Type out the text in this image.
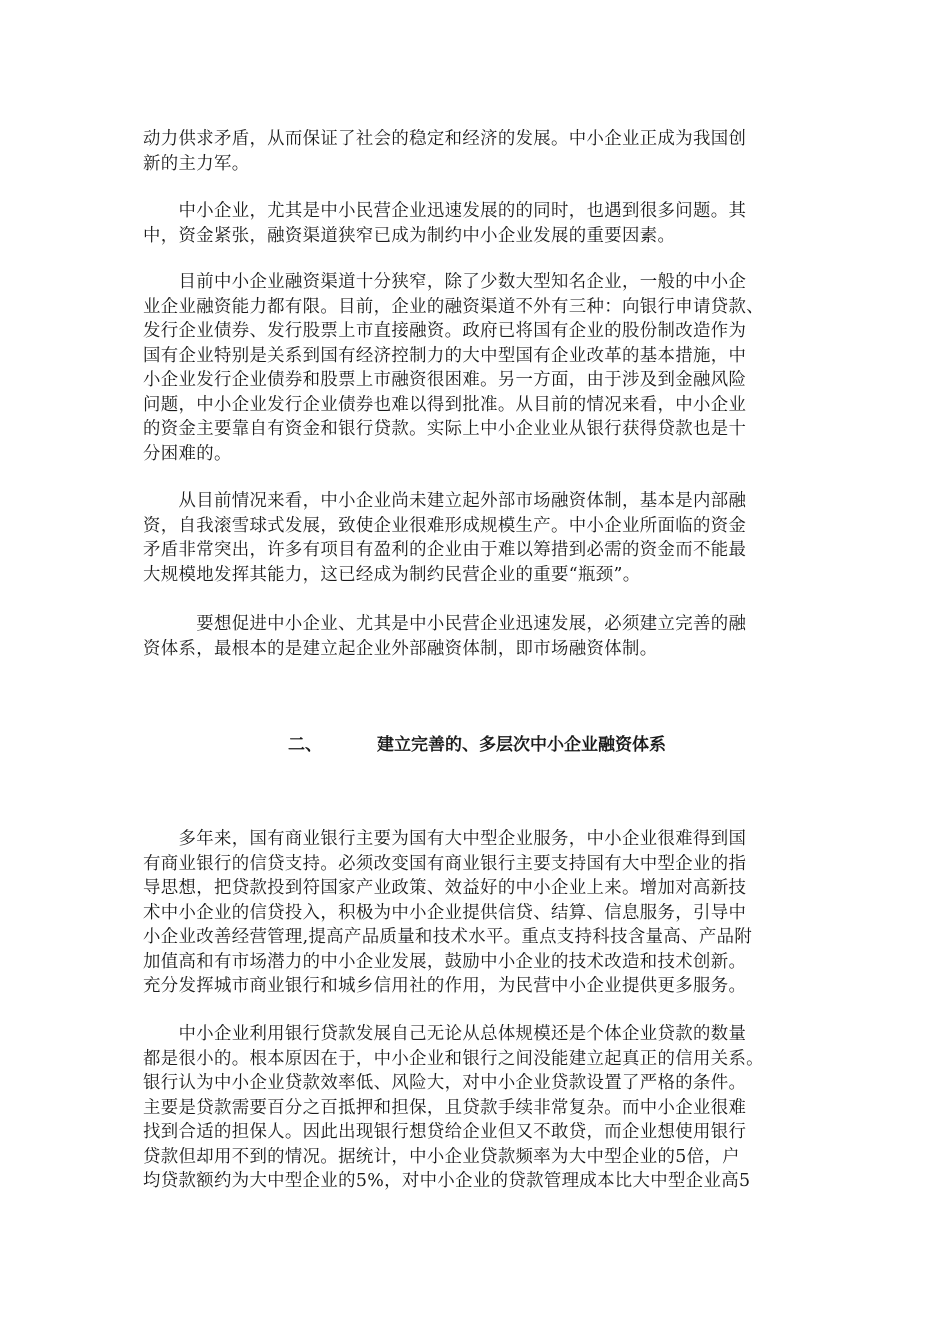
动力供求矛盾，从而保证了社会的稳定和经济的发展。中小企业正成为我国创
新的主力军。

　　中小企业，尤其是中小民营企业迅速发展的的同时，也遇到很多问题。其
中，资金紧张，融资渠道狭窄已成为制约中小企业发展的重要因素。

　　目前中小企业融资渠道十分狭窄，除了少数大型知名企业，一般的中小企
业企业融资能力都有限。目前，企业的融资渠道不外有三种：向银行申请贷款、
发行企业债券、发行股票上市直接融资。政府已将国有企业的股份制改造作为
国有企业特别是关系到国有经济控制力的大中型国有企业改革的基本措施，中
小企业发行企业债券和股票上市融资很困难。另一方面，由于涉及到金融风险
问题，中小企业发行企业债券也难以得到批准。从目前的情况来看，中小企业
的资金主要靠自有资金和银行贷款。实际上中小企业业从银行获得贷款也是十
分困难的。

　　从目前情况来看，中小企业尚未建立起外部市场融资体制，基本是内部融
资，自我滚雪球式发展，致使企业很难形成规模生产。中小企业所面临的资金
矛盾非常突出，许多有项目有盈利的企业由于难以筹措到必需的资金而不能最
大规模地发挥其能力，这已经成为制约民营企业的重要“瓶颈”。

　　　要想促进中小企业、尤其是中小民营企业迅速发展，必须建立完善的融
资体系，最根本的是建立起企业外部融资体制，即市场融资体制。

二、	建立完善的、多层次中小企业融资体系

　　多年来，国有商业银行主要为国有大中型企业服务，中小企业很难得到国
有商业银行的信贷支持。必须改变国有商业银行主要支持国有大中型企业的指
导思想，把贷款投到符国家产业政策、效益好的中小企业上来。增加对高新技
术中小企业的信贷投入，积极为中小企业提供信贷、结算、信息服务，引导中
小企业改善经营管理,提高产品质量和技术水平。重点支持科技含量高、产品附
加值高和有市场潜力的中小企业发展，鼓励中小企业的技术改造和技术创新。
充分发挥城市商业银行和城乡信用社的作用，为民营中小企业提供更多服务。

　　中小企业利用银行贷款发展自己无论从总体规模还是个体企业贷款的数量
都是很小的。根本原因在于，中小企业和银行之间没能建立起真正的信用关系。
银行认为中小企业贷款效率低、风险大，对中小企业贷款设置了严格的条件。
主要是贷款需要百分之百抵押和担保，且贷款手续非常复杂。而中小企业很难
找到合适的担保人。因此出现银行想贷给企业但又不敢贷，而企业想使用银行
贷款但却用不到的情况。据统计，中小企业贷款频率为大中型企业的5倍，户
均贷款额约为大中型企业的5%，对中小企业的贷款管理成本比大中型企业高5
